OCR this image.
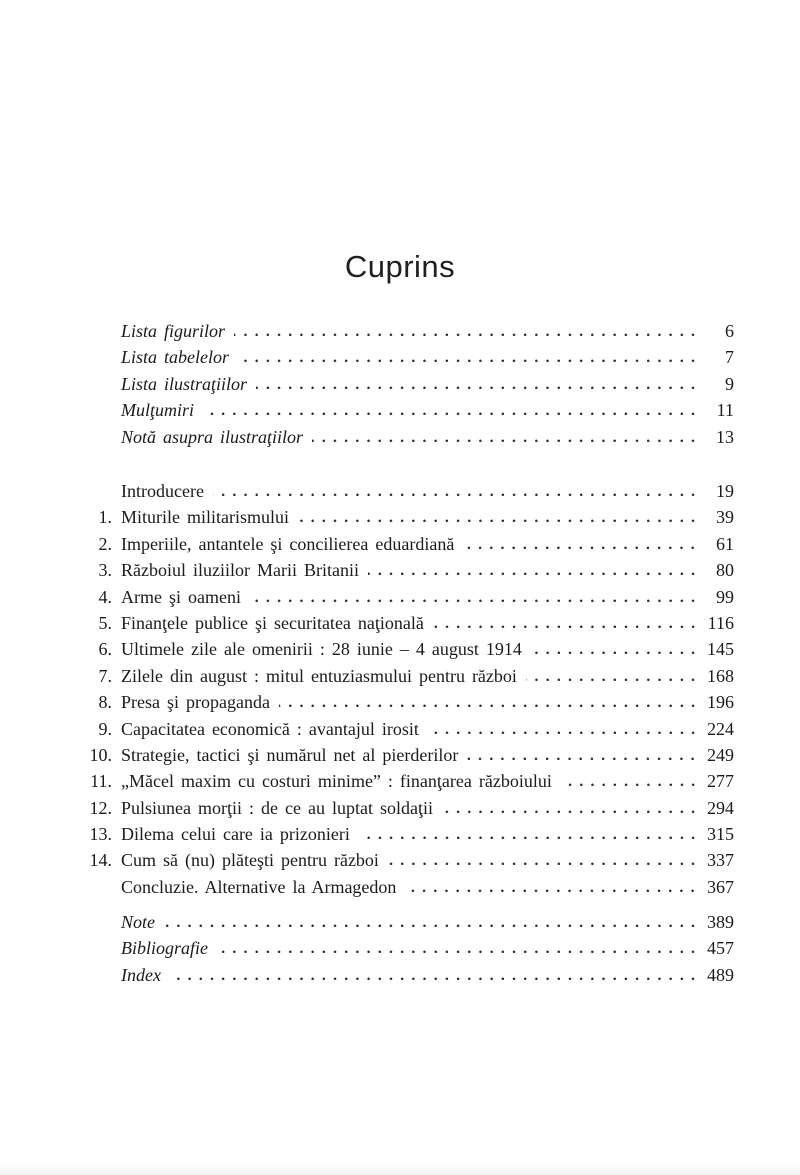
Cuprins
Lista figurilor	6
Lista tabelelor	7
Lista ilustraţiilor	9
Mulţumiri	11
Notă asupra ilustraţiilor	13
Introducere	19
1. Miturile militarismului	39
2. Imperiile, antantele şi concilierea eduardiană	61
3. Războiul iluziilor Marii Britanii	80
4. Arme şi oameni	99
5. Finanţele publice şi securitatea naţională	116
6. Ultimele zile ale omenirii : 28 iunie – 4 august 1914	145
7. Zilele din august : mitul entuziasmului pentru război	168
8. Presa şi propaganda	196
9. Capacitatea economică : avantajul irosit	224
10. Strategie, tactici şi numărul net al pierderilor	249
11. „Măcel maxim cu costuri minime” : finanţarea războiului	277
12. Pulsiunea morţii : de ce au luptat soldaţii	294
13. Dilema celui care ia prizonieri	315
14. Cum să (nu) plăteşti pentru război	337
Concluzie. Alternative la Armagedon	367
Note	389
Bibliografie	457
Index	489
